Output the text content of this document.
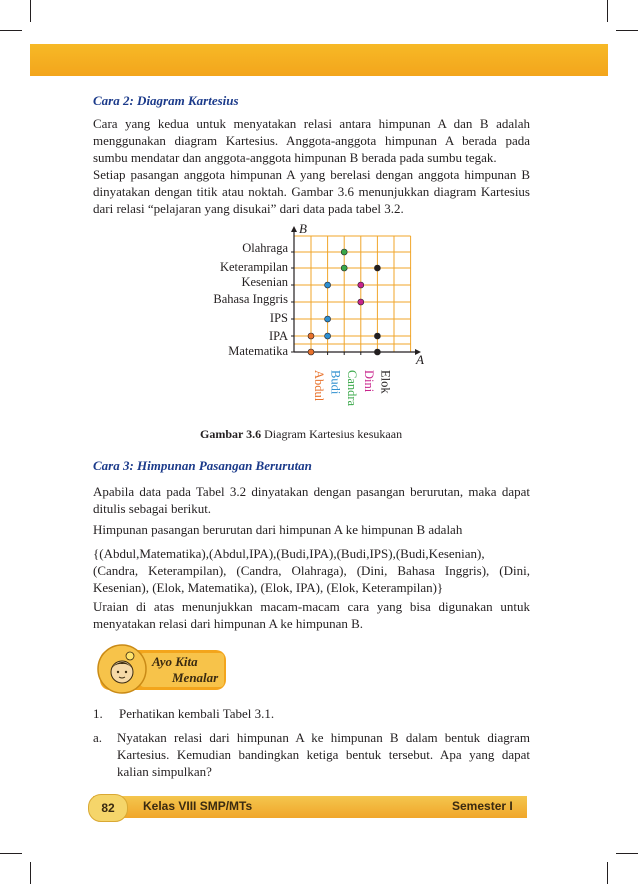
Cara 2: Diagram Kartesius
Cara yang kedua untuk menyatakan relasi antara himpunan A dan B adalah menggunakan diagram Kartesius. Anggota-anggota himpunan A berada pada sumbu mendatar dan anggota-anggota himpunan B berada pada sumbu tegak.
Setiap pasangan anggota himpunan A yang berelasi dengan anggota himpunan B dinyatakan dengan titik atau noktah. Gambar 3.6 menunjukkan diagram Kartesius dari relasi “pelajaran yang disukai” dari data pada tabel 3.2.
B
A
Matematika
IPA
IPS
Bahasa Inggris
Kesenian
Keterampilan
Olahraga
Abdul Budi Candra Dini Elok
Gambar 3.6 Diagram Kartesius kesukaan
Cara 3: Himpunan Pasangan Berurutan
Apabila data pada Tabel 3.2 dinyatakan dengan pasangan berurutan, maka dapat ditulis sebagai berikut.
Himpunan pasangan berurutan dari himpunan A ke himpunan B adalah
{(Abdul,Matematika),(Abdul,IPA),(Budi,IPA),(Budi,IPS),(Budi,Kesenian), (Candra, Keterampilan), (Candra, Olahraga), (Dini, Bahasa Inggris), (Dini, Kesenian), (Elok, Matematika), (Elok, IPA), (Elok, Keterampilan)}
Uraian di atas menunjukkan macam-macam cara yang bisa digunakan untuk menyatakan relasi dari himpunan A ke himpunan B.
Ayo Kita
Menalar
1. Perhatikan kembali Tabel 3.1.
a. Nyatakan relasi dari himpunan A ke himpunan B dalam bentuk diagram Kartesius. Kemudian bandingkan ketiga bentuk tersebut. Apa yang dapat kalian simpulkan?
82	Kelas VIII SMP/MTs	Semester I
